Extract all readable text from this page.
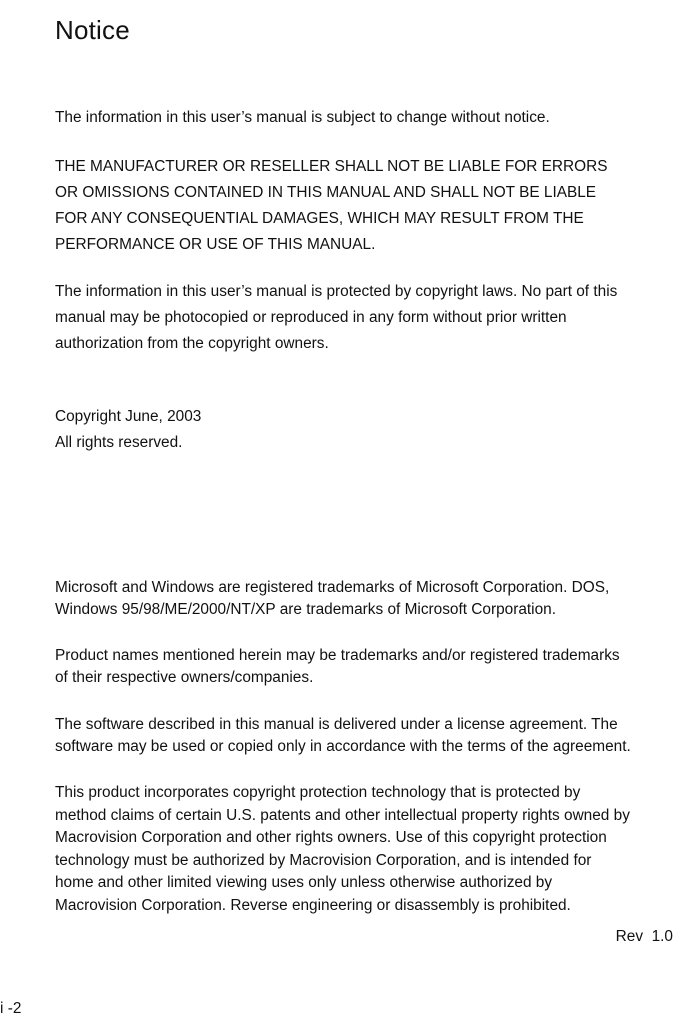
Notice

The information in this user’s manual is subject to change without notice.

THE MANUFACTURER OR RESELLER SHALL NOT BE LIABLE FOR ERRORS
OR OMISSIONS CONTAINED IN THIS MANUAL AND SHALL NOT BE LIABLE
FOR ANY CONSEQUENTIAL DAMAGES, WHICH MAY RESULT FROM THE
PERFORMANCE OR USE OF THIS MANUAL.

The information in this user’s manual is protected by copyright laws. No part of this
manual may be photocopied or reproduced in any form without prior written
authorization from the copyright owners.

Copyright June, 2003
All rights reserved.

Microsoft and Windows are registered trademarks of Microsoft Corporation. DOS,
Windows 95/98/ME/2000/NT/XP are trademarks of Microsoft Corporation.

Product names mentioned herein may be trademarks and/or registered trademarks
of their respective owners/companies.

The software described in this manual is delivered under a license agreement. The
software may be used or copied only in accordance with the terms of the agreement.

This product incorporates copyright protection technology that is protected by
method claims of certain U.S. patents and other intellectual property rights owned by
Macrovision Corporation and other rights owners. Use of this copyright protection
technology must be authorized by Macrovision Corporation, and is intended for
home and other limited viewing uses only unless otherwise authorized by
Macrovision Corporation. Reverse engineering or disassembly is prohibited.

Rev  1.0
i -2
